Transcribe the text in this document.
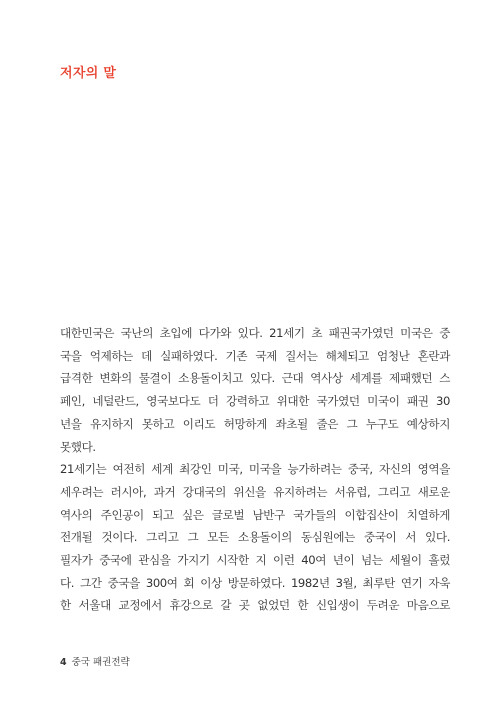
저자의 말
대한민국은 국난의 초입에 다가와 있다. 21세기 초 패권국가였던 미국은 중
국을 억제하는 데 실패하였다. 기존 국제 질서는 해체되고 엄청난 혼란과
급격한 변화의 물결이 소용돌이치고 있다. 근대 역사상 세계를 제패했던 스
페인, 네덜란드, 영국보다도 더 강력하고 위대한 국가였던 미국이 패권 30
년을 유지하지 못하고 이리도 허망하게 좌초될 줄은 그 누구도 예상하지
못했다.
21세기는 여전히 세계 최강인 미국, 미국을 능가하려는 중국, 자신의 영역을
세우려는 러시아, 과거 강대국의 위신을 유지하려는 서유럽, 그리고 새로운
역사의 주인공이 되고 싶은 글로벌 남반구 국가들의 이합집산이 치열하게
전개될 것이다. 그리고 그 모든 소용돌이의 동심원에는 중국이 서 있다.
필자가 중국에 관심을 가지기 시작한 지 이런 40여 년이 넘는 세월이 흘렀
다. 그간 중국을 300여 회 이상 방문하였다. 1982년 3월, 최루탄 연기 자욱
한 서울대 교정에서 휴강으로 갈 곳 없었던 한 신입생이 두려운 마음으로
4 중국 패권전략
